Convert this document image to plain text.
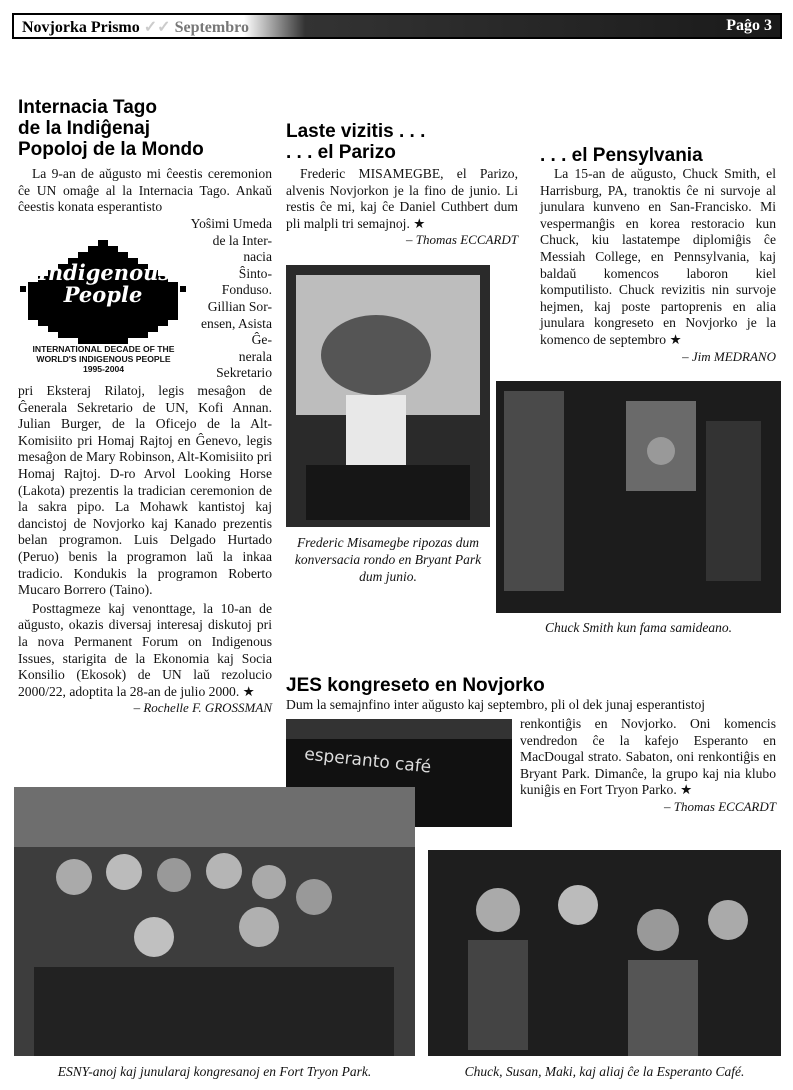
Novjorka Prismo ✓✓ Septembro	Paĝo 3
Internacia Tago
de la Indiĝenaj
Popoloj de la Mondo

La 9-an de aŭgusto mi ĉeestis ceremonion ĉe UN omaĝe al la Internacia Tago. Ankaŭ ĉeestis konata esperantisto

Indigenous
People
INTERNATIONAL DECADE OF THE
WORLD'S INDIGENOUS PEOPLE
1995-2004
Yoŝimi Umeda
de la Inter-
nacia
Ŝinto-
Fonduso.
Gillian Sor-
ensen, Asista
Ĝe-
nerala
Sekretario
pri Eksteraj Rilatoj, legis mesaĝon de Ĝenerala Sekretario de UN, Kofi Annan. Julian Burger, de la Oficejo de la Alt-Komisiito pri Homaj Rajtoj en Ĝenevo, legis mesaĝon de Mary Robinson, Alt-Komisiito pri Homaj Rajtoj. D-ro Arvol Looking Horse (Lakota) prezentis la tradician ceremonion de la sakra pipo. La Mohawk kantistoj kaj dancistoj de Novjorko kaj Kanado prezentis belan programon. Luis Delgado Hurtado (Peruo) benis la programon laŭ la inkaa tradicio. Kondukis la programon Roberto Mucaro Borrero (Taino).

Posttagmeze kaj venonttage, la 10-an de aŭgusto, okazis diversaj interesaj diskutoj pri la nova Permanent Forum on Indigenous Issues, starigita de la Ekonomia kaj Socia Konsilio (Ekosok) de UN laŭ rezolucio 2000/22, adoptita la 28-an de julio 2000. ★

– Rochelle F. GROSSMAN
Laste vizitis . . .
. . . el Parizo

Frederic MISAMEGBE, el Parizo, alvenis Novjorkon je la fino de junio. Li restis ĉe mi, kaj ĉe Daniel Cuthbert dum pli malpli tri semajnoj. ★

– Thomas ECCARDT
Frederic Misamegbe ripozas dum konversacia rondo en Bryant Park dum junio.
. . . el Pensylvania

La 15-an de aŭgusto, Chuck Smith, el Harrisburg, PA, tranoktis ĉe ni survoje al junulara kunveno en San-Francisko. Mi vespermanĝis en korea restoracio kun Chuck, kiu lastatempe diplomiĝis ĉe Messiah College, en Pennsylvania, kaj baldaŭ komencos laboron kiel komputilisto. Chuck revizitis nin survoje hejmen, kaj poste partoprenis en alia junulara kongreseto en Novjorko je la komenco de septembro ★

– Jim MEDRANO
Chuck Smith kun fama samideano.
JES kongreseto en Novjorko
Dum la semajnfino inter aŭgusto kaj septembro, pli ol dek junaj esperantistoj
esperanto café
renkontiĝis en Novjorko. Oni komencis vendredon ĉe la kafejo Esperanto en MacDougal strato. Sabaton, oni renkontiĝis en Bryant Park. Dimanĉe, la grupo kaj nia klubo kuniĝis en Fort Tryon Parko. ★
– Thomas ECCARDT
ESNY-anoj kaj junularaj kongresanoj en Fort Tryon Park.	Chuck, Susan, Maki, kaj aliaj ĉe la Esperanto Café.
